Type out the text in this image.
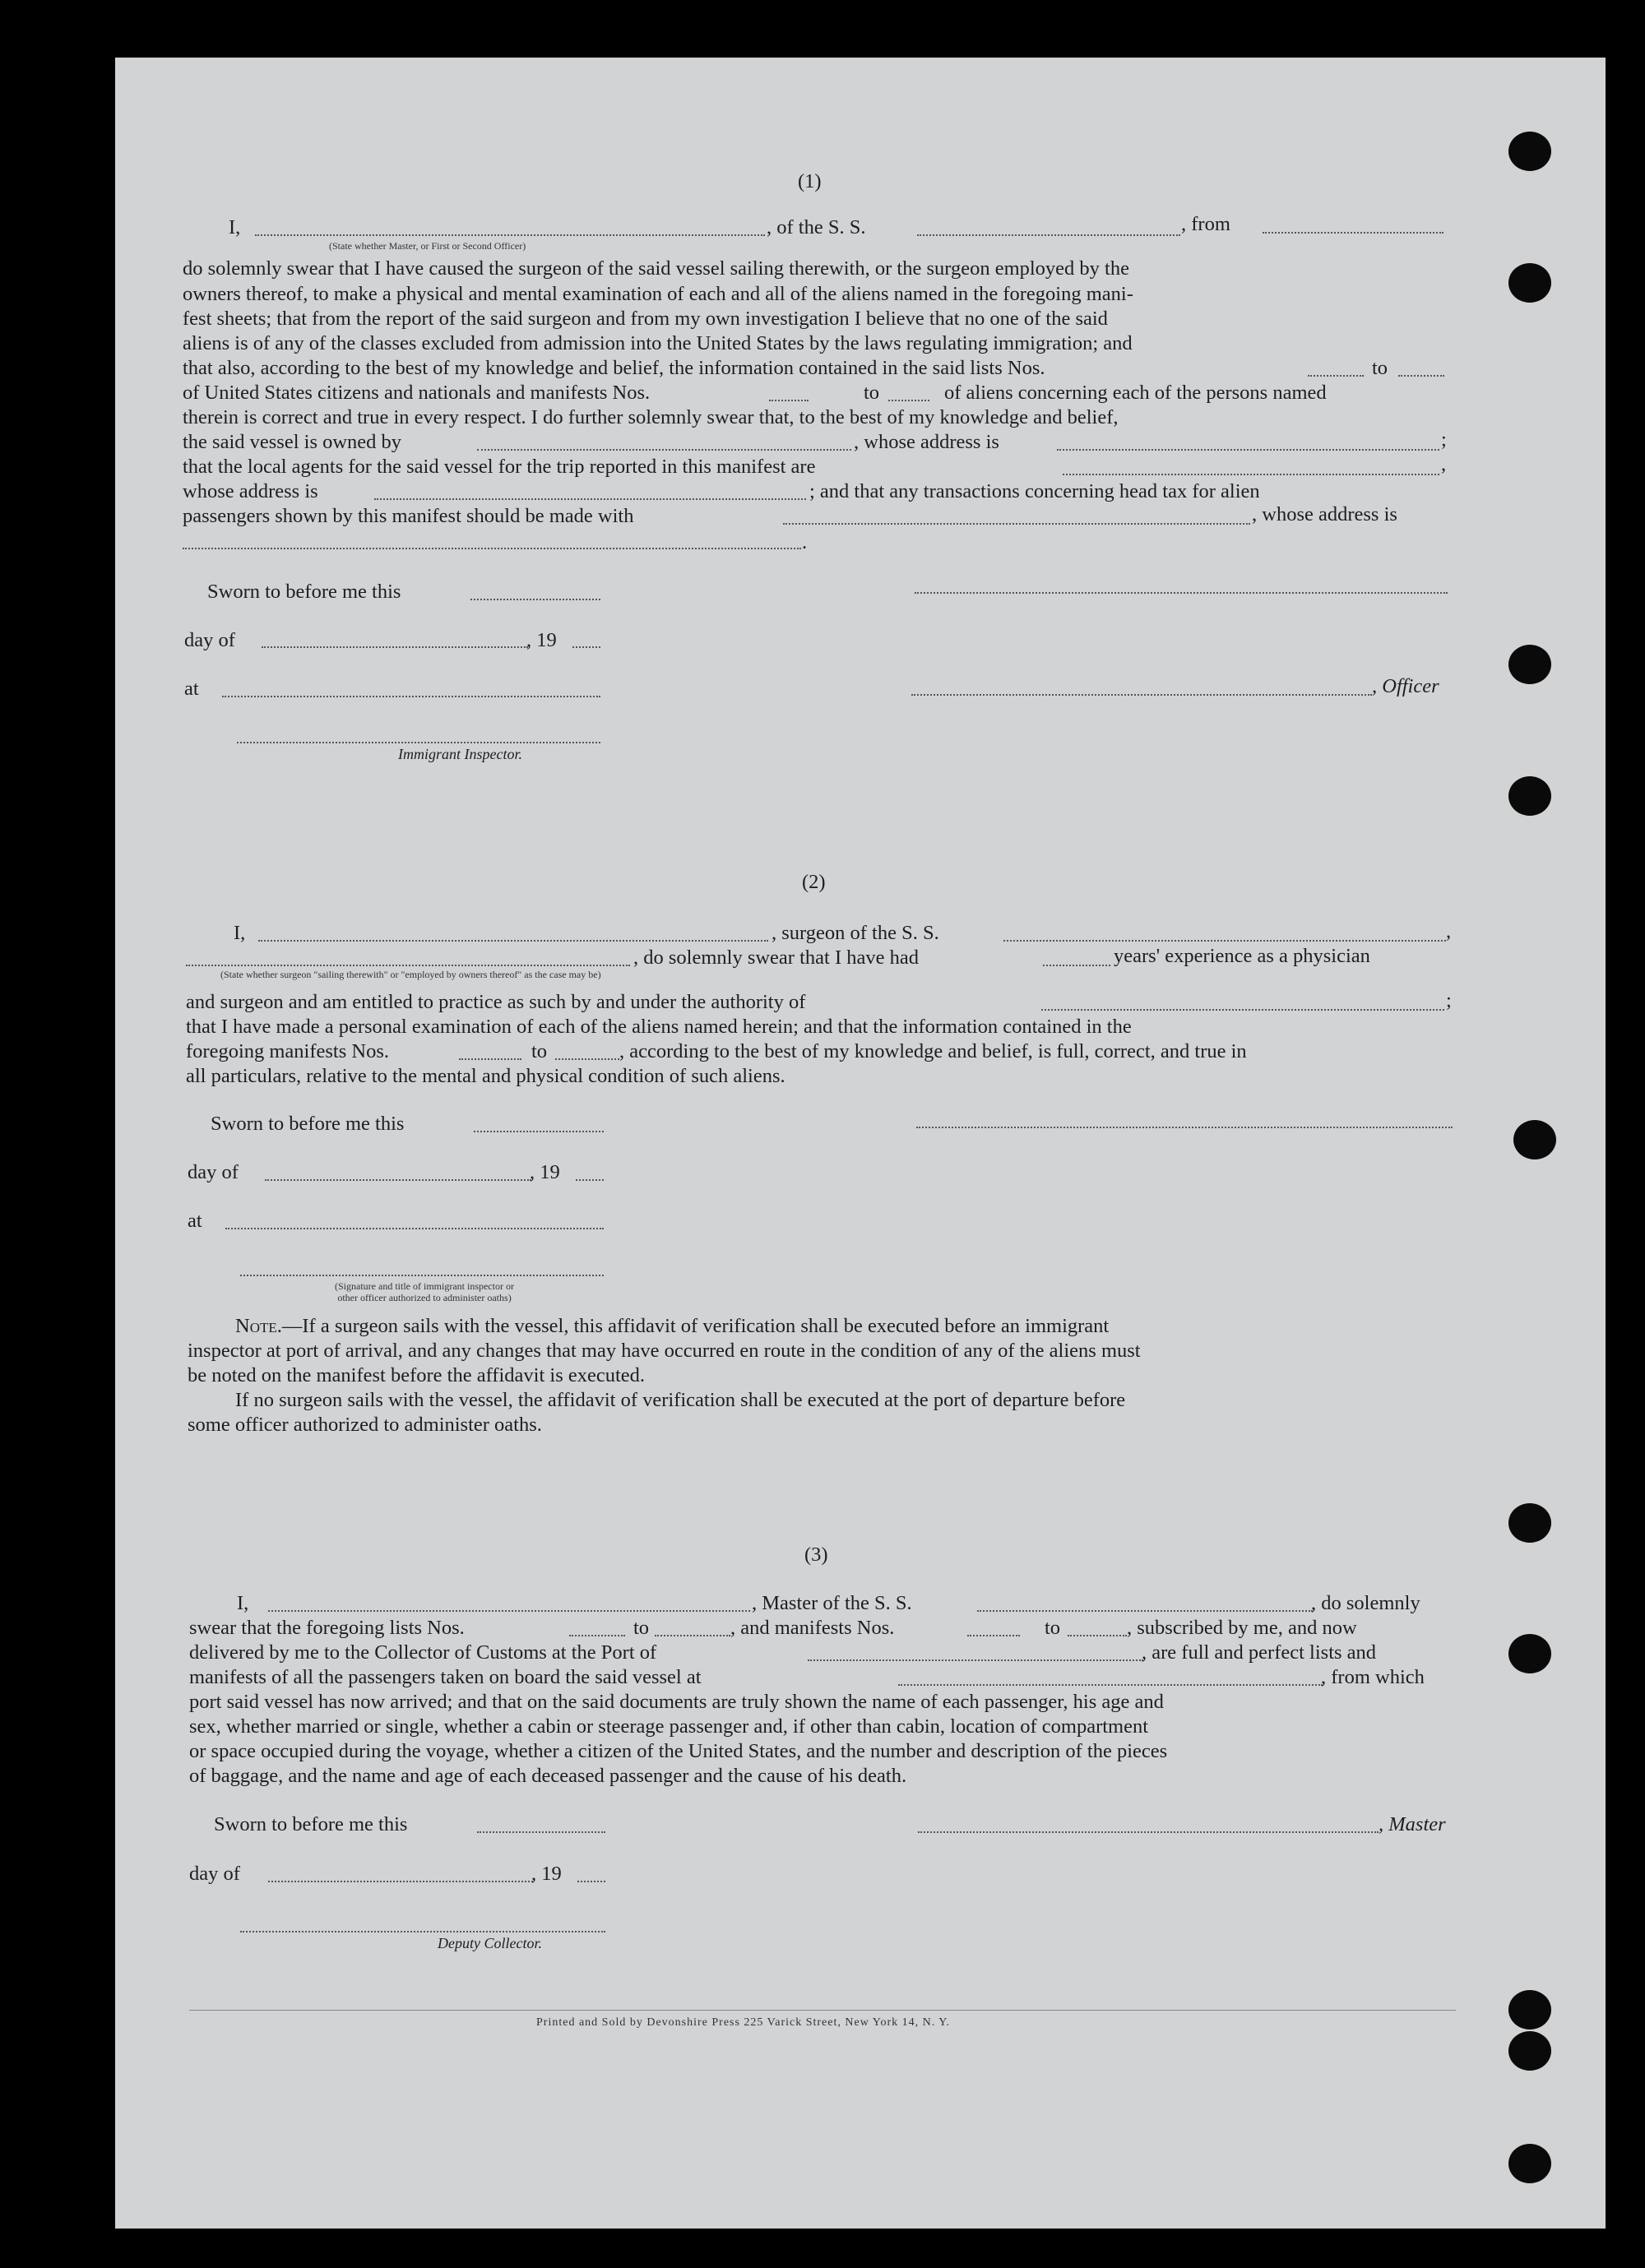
(1)
I,
(State whether Master, or First or Second Officer)
, of the S. S.	, from
do solemnly swear that I have caused the surgeon of the said vessel sailing therewith, or the surgeon employed by the
owners thereof, to make a physical and mental examination of each and all of the aliens named in the foregoing mani-
fest sheets; that from the report of the said surgeon and from my own investigation I believe that no one of the said
aliens is of any of the classes excluded from admission into the United States by the laws regulating immigration; and
that also, according to the best of my knowledge and belief, the information contained in the said lists Nos.	to
of United States citizens and nationals and manifests Nos.	to	of aliens concerning each of the persons named
therein is correct and true in every respect. I do further solemnly swear that, to the best of my knowledge and belief,
the said vessel is owned by	, whose address is	;
that the local agents for the said vessel for the trip reported in this manifest are	,
whose address is	; and that any transactions concerning head tax for alien
passengers shown by this manifest should be made with	, whose address is
.
Sworn to before me this
day of	, 19
at	, Officer
Immigrant Inspector.
(2)
I,	, surgeon of the S. S.	,
(State whether surgeon "sailing therewith" or "employed by owners thereof" as the case may be)
, do solemnly swear that I have had	years' experience as a physician
and surgeon and am entitled to practice as such by and under the authority of	;
that I have made a personal examination of each of the aliens named herein; and that the information contained in the
foregoing manifests Nos.	to	, according to the best of my knowledge and belief, is full, correct, and true in
all particulars, relative to the mental and physical condition of such aliens.
Sworn to before me this
day of	, 19
at
(Signature and title of immigrant inspector or
other officer authorized to administer oaths)
Note.—If a surgeon sails with the vessel, this affidavit of verification shall be executed before an immigrant
inspector at port of arrival, and any changes that may have occurred en route in the condition of any of the aliens must
be noted on the manifest before the affidavit is executed.
If no surgeon sails with the vessel, the affidavit of verification shall be executed at the port of departure before
some officer authorized to administer oaths.
(3)
I,	, Master of the S. S.	, do solemnly
swear that the foregoing lists Nos.	to	, and manifests Nos.	to	, subscribed by me, and now
delivered by me to the Collector of Customs at the Port of	, are full and perfect lists and
manifests of all the passengers taken on board the said vessel at	, from which
port said vessel has now arrived; and that on the said documents are truly shown the name of each passenger, his age and
sex, whether married or single, whether a cabin or steerage passenger and, if other than cabin, location of compartment
or space occupied during the voyage, whether a citizen of the United States, and the number and description of the pieces
of baggage, and the name and age of each deceased passenger and the cause of his death.
Sworn to before me this	, Master
day of	, 19
Deputy Collector.
Printed and Sold by Devonshire Press 225 Varick Street, New York 14, N. Y.
